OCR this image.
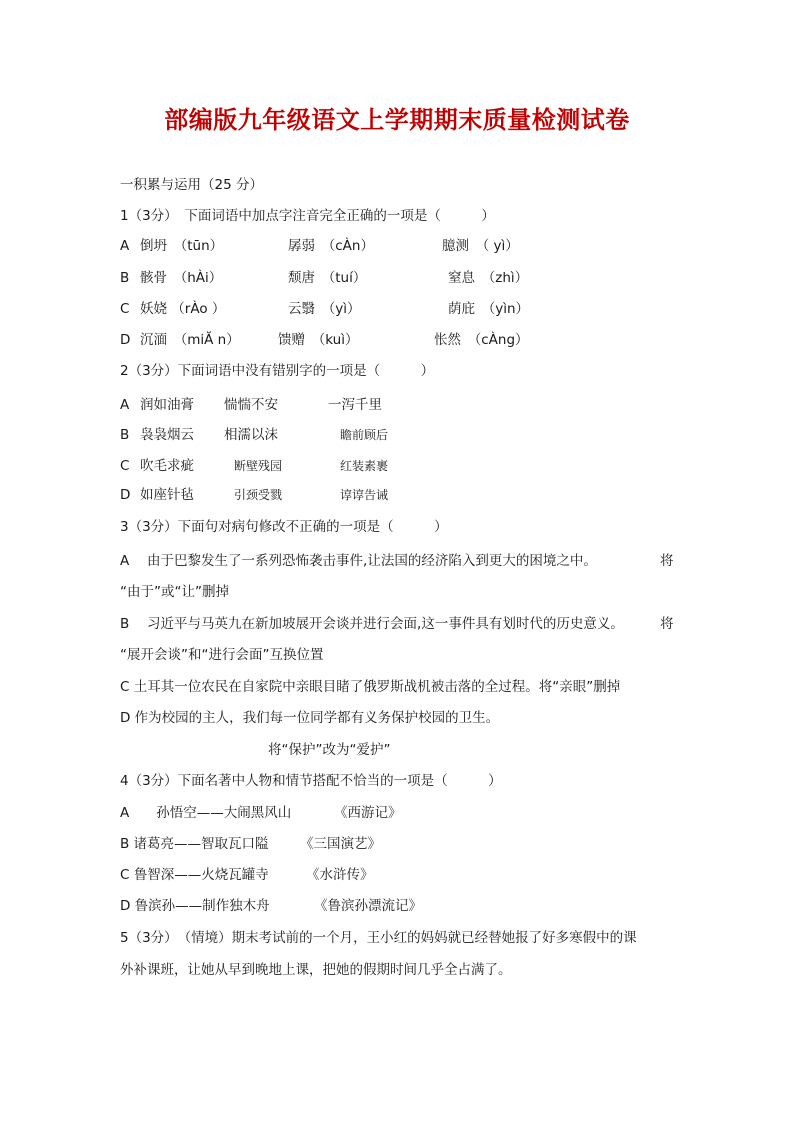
部编版九年级语文上学期期末质量检测试卷
一积累与运用（25 分）
1（3分）　下面词语中加点字注音完全正确的一项是（　　　）
A 倒坍　（tūn）	孱弱　（cÀn）	臆测　（ yì）
B 骸骨　（hÀi）	颓唐　（tuí）	窒息　（zhì）
C 妖娆 （rÀo ）	云翳　（yì）	荫庇　（yìn）
D 沉湎　（miĂ n）	馈赠　（kuì）	怅然　（cÀng）
2（3分）下面词语中没有错别字的一项是（　　　）
A 润如油膏 惴惴不安	一泻千里
B 袅袅烟云 相濡以沫	瞻前顾后
C 吹毛求疵	断壁残园	红装素裹
D 如座针毡	引颈受戮	谆谆告诫
3（3分）下面句对病句修改不正确的一项是（　　　）
A　 由于巴黎发生了一系列恐怖袭击事件,让法国的经济陷入到更大的困境之中。	将
“由于”或“让”删掉
B　 习近平与马英九在新加坡展开会谈并进行会面,这一事件具有划时代的历史意义。	将
“展开会谈”和“进行会面”互换位置
C 土耳其一位农民在自家院中亲眼目睹了俄罗斯战机被击落的全过程。将“亲眼”删掉
D 作为校园的主人，我们每一位同学都有义务保护校园的卫生。
将“保护”改为“爱护”
4（3分）下面名著中人物和情节搭配不恰当的一项是（　　　）
A　　孙悟空——大闹黑风山	《西游记》
B 诸葛亮——智取瓦口隘 《三国演艺》
C 鲁智深——火烧瓦罐寺	《水浒传》
D 鲁滨孙——制作独木舟	《鲁滨孙漂流记》
5（3分）　（情境）期末考试前的一个月，王小红的妈妈就已经替她报了好多寒假中的课
外补课班，让她从早到晚地上课，把她的假期时间几乎全占满了。
